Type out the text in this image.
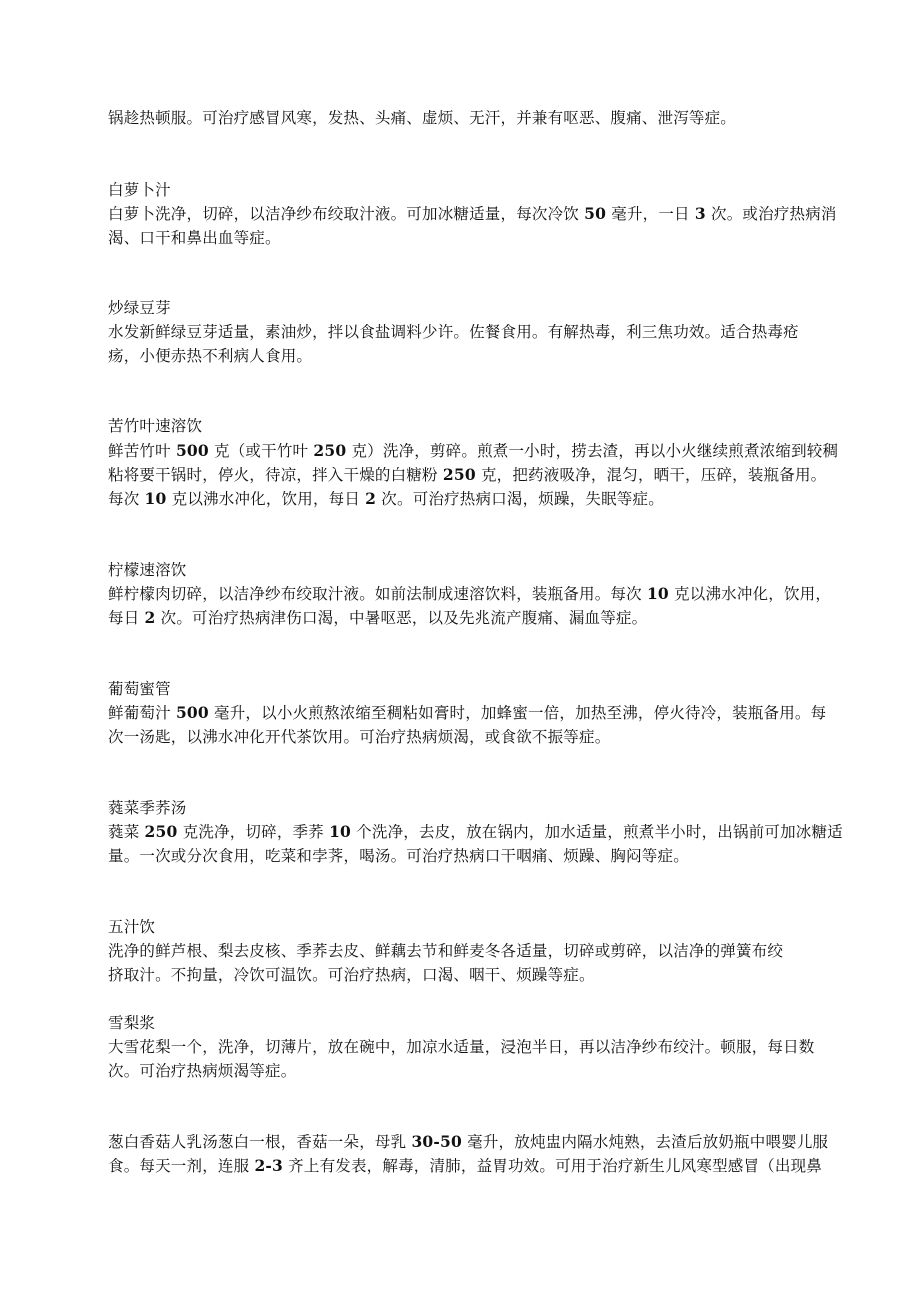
锅趁热顿服。可治疗感冒风寒，发热、头痛、虚烦、无汗，并兼有呕恶、腹痛、泄泻等症。
白萝卜汁
白萝卜洗净，切碎，以洁净纱布绞取汁液。可加冰糖适量，每次冷饮 50 毫升，一日 3 次。或治疗热病消
渴、口干和鼻出血等症。
炒绿豆芽
水发新鲜绿豆芽适量，素油炒，拌以食盐调料少许。佐餐食用。有解热毒，利三焦功效。适合热毒疮
疡，小便赤热不利病人食用。
苦竹叶速溶饮
鲜苦竹叶 500 克（或干竹叶 250 克）洗净，剪碎。煎煮一小时，捞去渣，再以小火继续煎煮浓缩到较稠
粘将要干锅时，停火，待凉，拌入干燥的白糖粉 250 克，把药液吸净，混匀，晒干，压碎，装瓶备用。
每次 10 克以沸水冲化，饮用，每日 2 次。可治疗热病口渴，烦躁，失眠等症。
柠檬速溶饮
鲜柠檬肉切碎，以洁净纱布绞取汁液。如前法制成速溶饮料，装瓶备用。每次 10 克以沸水冲化，饮用，
每日 2 次。可治疗热病津伤口渴，中暑呕恶，以及先兆流产腹痛、漏血等症。
葡萄蜜管
鲜葡萄汁 500 毫升，以小火煎熬浓缩至稠粘如膏时，加蜂蜜一倍，加热至沸，停火待冷，装瓶备用。每
次一汤匙，以沸水冲化开代茶饮用。可治疗热病烦渴，或食欲不振等症。
蕤菜季荞汤
蕤菜 250 克洗净，切碎，季荞 10 个洗净，去皮，放在锅内，加水适量，煎煮半小时，出锅前可加冰糖适
量。一次或分次食用，吃菜和孛荠，喝汤。可治疗热病口干咽痛、烦躁、胸闷等症。
五汁饮
洗净的鲜芦根、梨去皮核、季荞去皮、鲜藕去节和鲜麦冬各适量，切碎或剪碎，以洁净的弹簧布绞
挤取汁。不拘量，冷饮可温饮。可治疗热病，口渴、咽干、烦躁等症。
雪梨浆
大雪花梨一个，洗净，切薄片，放在碗中，加凉水适量，浸泡半日，再以洁净纱布绞汁。顿服，每日数
次。可治疗热病烦渴等症。
葱白香菇人乳汤葱白一根，香菇一朵，母乳 30-50 毫升，放炖盅内隔水炖熟，去渣后放奶瓶中喂婴儿服
食。每天一剂，连服 2-3 齐上有发表，解毒，清肺，益胃功效。可用于治疗新生儿风寒型感冒（出现鼻
